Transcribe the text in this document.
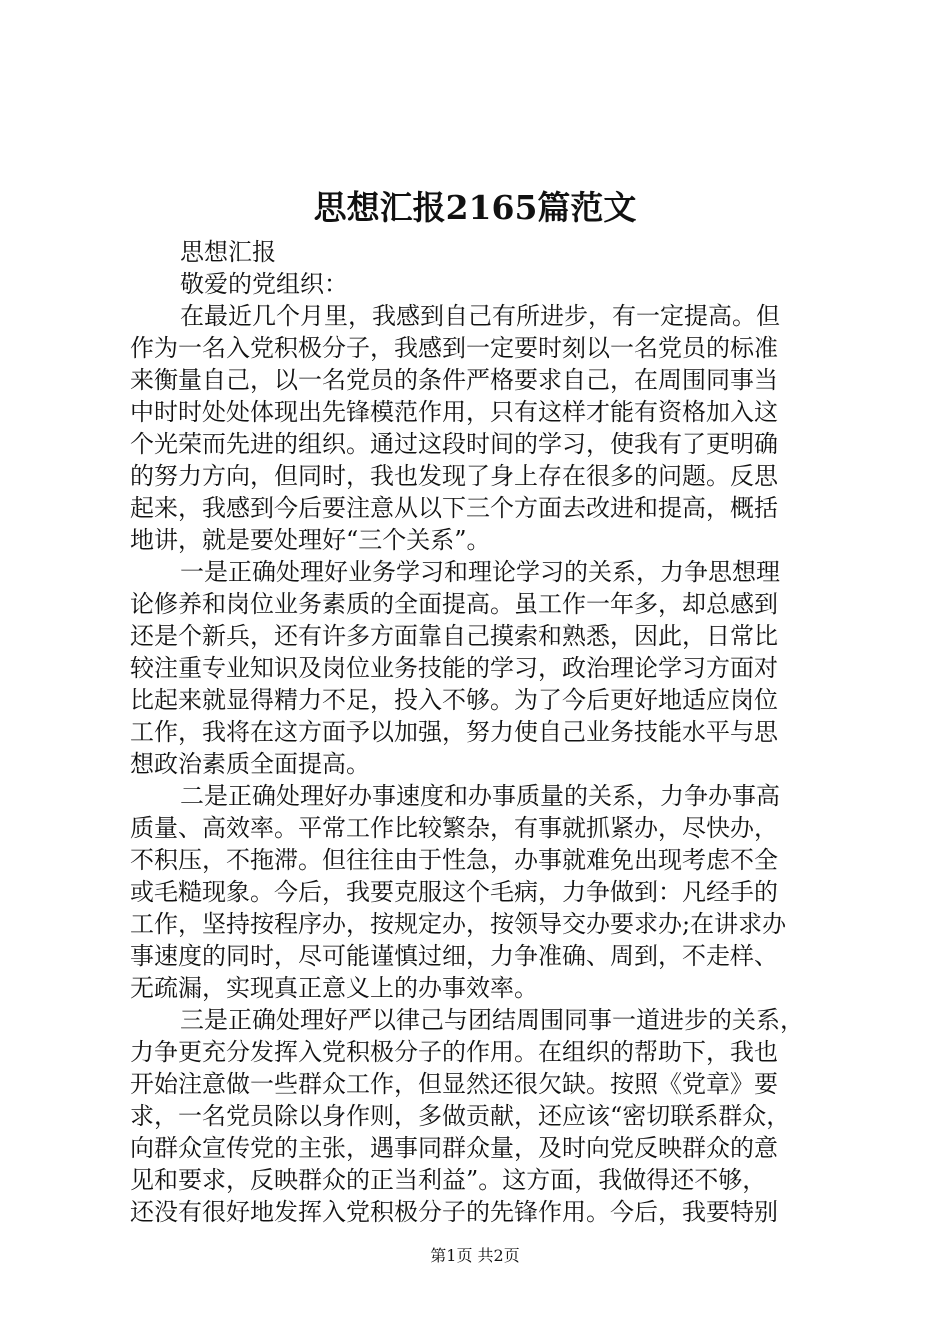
思想汇报2165篇范文
思想汇报
敬爱的党组织：
在最近几个月里，我感到自己有所进步，有一定提高。但
作为一名入党积极分子，我感到一定要时刻以一名党员的标准
来衡量自己，以一名党员的条件严格要求自己，在周围同事当
中时时处处体现出先锋模范作用，只有这样才能有资格加入这
个光荣而先进的组织。通过这段时间的学习，使我有了更明确
的努力方向，但同时，我也发现了身上存在很多的问题。反思
起来，我感到今后要注意从以下三个方面去改进和提高，概括
地讲，就是要处理好“三个关系”。
一是正确处理好业务学习和理论学习的关系，力争思想理
论修养和岗位业务素质的全面提高。虽工作一年多，却总感到
还是个新兵，还有许多方面靠自己摸索和熟悉，因此，日常比
较注重专业知识及岗位业务技能的学习，政治理论学习方面对
比起来就显得精力不足，投入不够。为了今后更好地适应岗位
工作，我将在这方面予以加强，努力使自己业务技能水平与思
想政治素质全面提高。
二是正确处理好办事速度和办事质量的关系，力争办事高
质量、高效率。平常工作比较繁杂，有事就抓紧办，尽快办，
不积压，不拖滞。但往往由于性急，办事就难免出现考虑不全
或毛糙现象。今后，我要克服这个毛病，力争做到：凡经手的
工作，坚持按程序办，按规定办，按领导交办要求办;在讲求办
事速度的同时，尽可能谨慎过细，力争准确、周到，不走样、
无疏漏，实现真正意义上的办事效率。
三是正确处理好严以律己与团结周围同事一道进步的关系，
力争更充分发挥入党积极分子的作用。在组织的帮助下，我也
开始注意做一些群众工作，但显然还很欠缺。按照《党章》要
求，一名党员除以身作则，多做贡献，还应该“密切联系群众，
向群众宣传党的主张，遇事同群众量，及时向党反映群众的意
见和要求，反映群众的正当利益”。这方面，我做得还不够，
还没有很好地发挥入党积极分子的先锋作用。今后，我要特别
第1页 共2页
